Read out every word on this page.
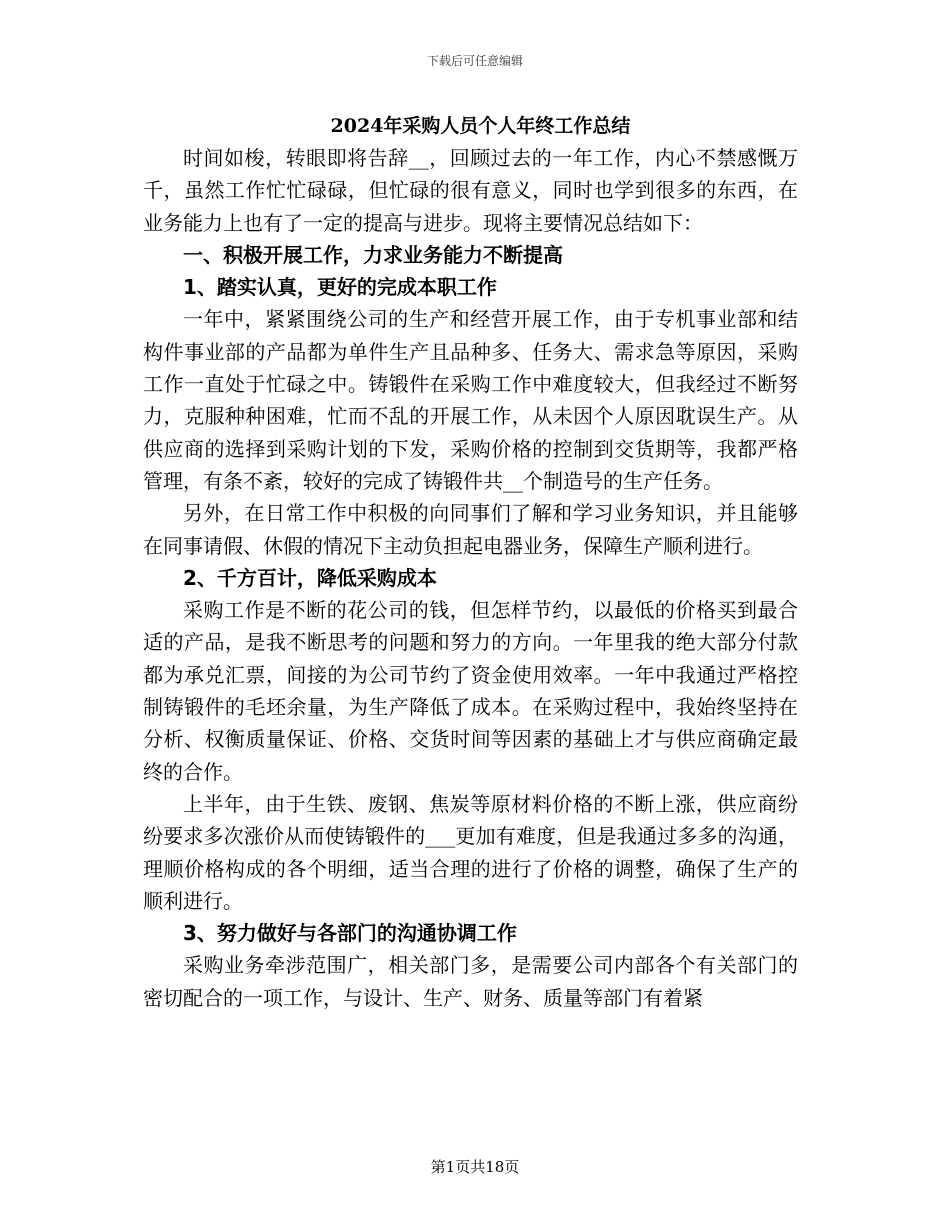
下载后可任意编辑
2024年采购人员个人年终工作总结

时间如梭，转眼即将告辞__，回顾过去的一年工作，内心不禁感慨万千，虽然工作忙忙碌碌，但忙碌的很有意义，同时也学到很多的东西，在业务能力上也有了一定的提高与进步。现将主要情况总结如下：

一、积极开展工作，力求业务能力不断提高

1、踏实认真，更好的完成本职工作

一年中，紧紧围绕公司的生产和经营开展工作，由于专机事业部和结构件事业部的产品都为单件生产且品种多、任务大、需求急等原因，采购工作一直处于忙碌之中。铸锻件在采购工作中难度较大，但我经过不断努力，克服种种困难，忙而不乱的开展工作，从未因个人原因耽误生产。从供应商的选择到采购计划的下发，采购价格的控制到交货期等，我都严格管理，有条不紊，较好的完成了铸锻件共__个制造号的生产任务。

另外，在日常工作中积极的向同事们了解和学习业务知识，并且能够在同事请假、休假的情况下主动负担起电器业务，保障生产顺利进行。

2、千方百计，降低采购成本

采购工作是不断的花公司的钱，但怎样节约，以最低的价格买到最合适的产品，是我不断思考的问题和努力的方向。一年里我的绝大部分付款都为承兑汇票，间接的为公司节约了资金使用效率。一年中我通过严格控制铸锻件的毛坯余量，为生产降低了成本。在采购过程中，我始终坚持在分析、权衡质量保证、价格、交货时间等因素的基础上才与供应商确定最终的合作。

上半年，由于生铁、废钢、焦炭等原材料价格的不断上涨，供应商纷纷要求多次涨价从而使铸锻件的___更加有难度，但是我通过多多的沟通，理顺价格构成的各个明细，适当合理的进行了价格的调整，确保了生产的顺利进行。

3、努力做好与各部门的沟通协调工作

采购业务牵涉范围广，相关部门多，是需要公司内部各个有关部门的密切配合的一项工作，与设计、生产、财务、质量等部门有着紧

第1页共18页
